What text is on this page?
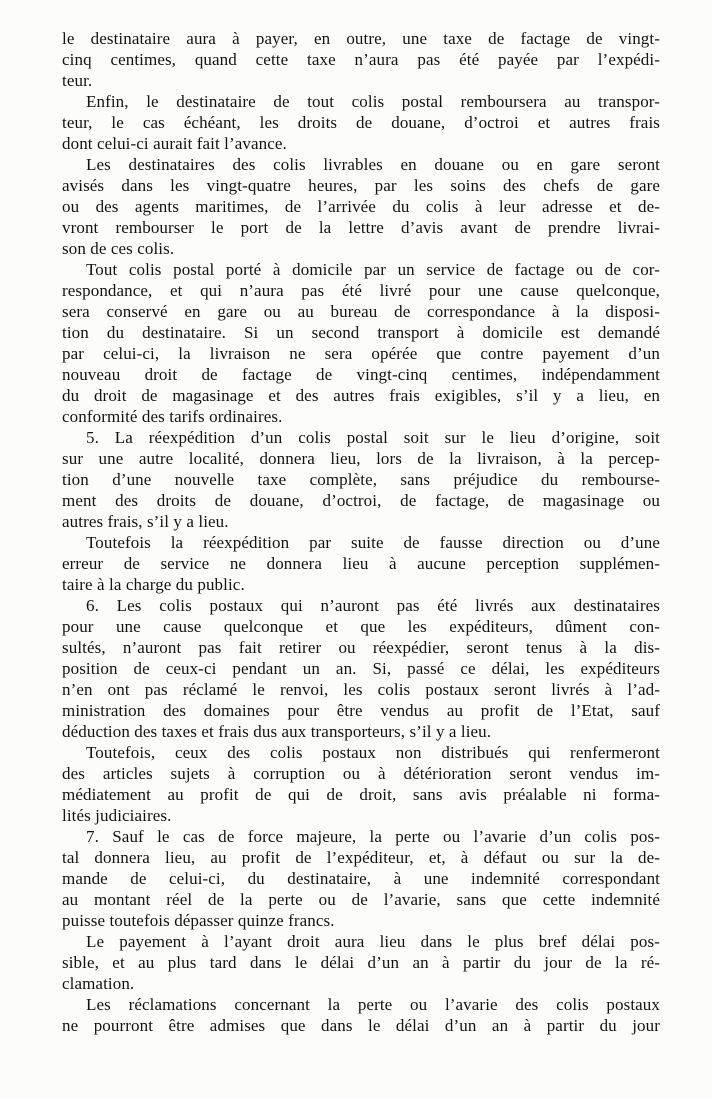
le destinataire aura à payer, en outre, une taxe de factage de vingt-
cinq centimes, quand cette taxe n’aura pas été payée par l’expédi-
teur.
Enfin, le destinataire de tout colis postal remboursera au transpor-
teur, le cas échéant, les droits de douane, d’octroi et autres frais
dont celui-ci aurait fait l’avance.
Les destinataires des colis livrables en douane ou en gare seront
avisés dans les vingt-quatre heures, par les soins des chefs de gare
ou des agents maritimes, de l’arrivée du colis à leur adresse et de-
vront rembourser le port de la lettre d’avis avant de prendre livrai-
son de ces colis.
Tout colis postal porté à domicile par un service de factage ou de cor-
respondance, et qui n’aura pas été livré pour une cause quelconque,
sera conservé en gare ou au bureau de correspondance à la disposi-
tion du destinataire. Si un second transport à domicile est demandé
par celui-ci, la livraison ne sera opérée que contre payement d’un
nouveau droit de factage de vingt-cinq centimes, indépendamment
du droit de magasinage et des autres frais exigibles, s’il y a lieu, en
conformité des tarifs ordinaires.
5. La réexpédition d’un colis postal soit sur le lieu d’origine, soit
sur une autre localité, donnera lieu, lors de la livraison, à la percep-
tion d’une nouvelle taxe complète, sans préjudice du rembourse-
ment des droits de douane, d’octroi, de factage, de magasinage ou
autres frais, s’il y a lieu.
Toutefois la réexpédition par suite de fausse direction ou d’une
erreur de service ne donnera lieu à aucune perception supplémen-
taire à la charge du public.
6. Les colis postaux qui n’auront pas été livrés aux destinataires
pour une cause quelconque et que les expéditeurs, dûment con-
sultés, n’auront pas fait retirer ou réexpédier, seront tenus à la dis-
position de ceux-ci pendant un an. Si, passé ce délai, les expéditeurs
n’en ont pas réclamé le renvoi, les colis postaux seront livrés à l’ad-
ministration des domaines pour être vendus au profit de l’Etat, sauf
déduction des taxes et frais dus aux transporteurs, s’il y a lieu.
Toutefois, ceux des colis postaux non distribués qui renfermeront
des articles sujets à corruption ou à détérioration seront vendus im-
médiatement au profit de qui de droit, sans avis préalable ni forma-
lités judiciaires.
7. Sauf le cas de force majeure, la perte ou l’avarie d’un colis pos-
tal donnera lieu, au profit de l’expéditeur, et, à défaut ou sur la de-
mande de celui-ci, du destinataire, à une indemnité correspondant
au montant réel de la perte ou de l’avarie, sans que cette indemnité
puisse toutefois dépasser quinze francs.
Le payement à l’ayant droit aura lieu dans le plus bref délai pos-
sible, et au plus tard dans le délai d’un an à partir du jour de la ré-
clamation.
Les réclamations concernant la perte ou l’avarie des colis postaux
ne pourront être admises que dans le délai d’un an à partir du jour
